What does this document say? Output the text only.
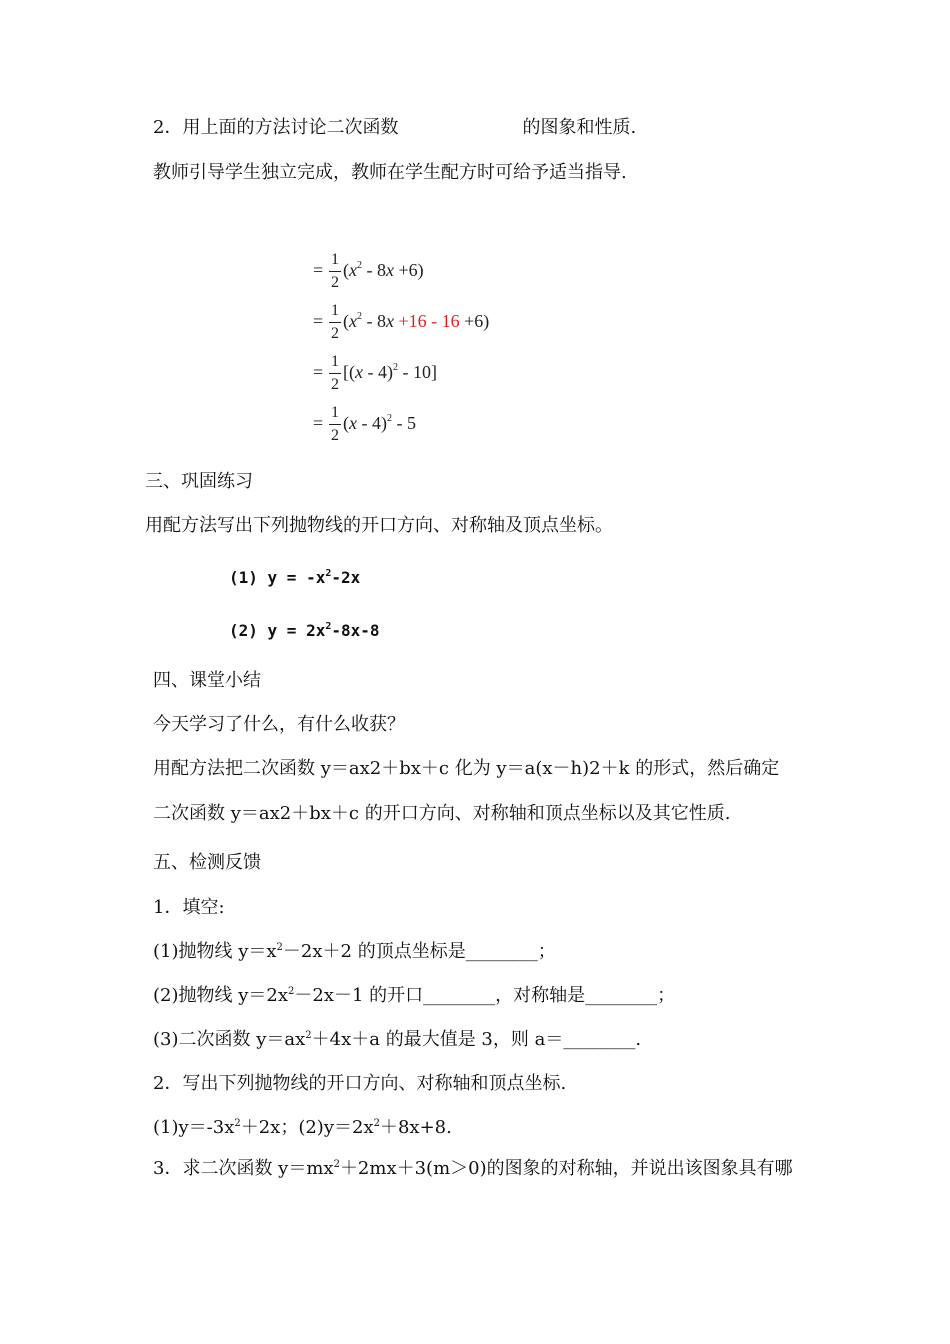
2．用上面的方法讨论二次函数	的图象和性质.
教师引导学生独立完成，教师在学生配方时可给予适当指导.
=
1
2
$(x^2 - 8x +6)$
=
1
2
$(x^2 - 8x +16 - 16 +6)$
=
1
2
[(x - 4)$^2$ - 10]
=
1
2
(x - 4)$^2$ - 5
三、巩固练习
用配方法写出下列抛物线的开口方向、对称轴及顶点坐标。
(1) $y = -x^2-2x$
(2) $y = 2x^2-8x-8$
四、课堂小结
今天学习了什么，有什么收获？
用配方法把二次函数 y＝ax2＋bx＋c 化为 y＝a(x－h)2＋k 的形式，然后确定
二次函数 y＝ax2＋bx＋c 的开口方向、对称轴和顶点坐标以及其它性质.
五、检测反馈
1．填空:
(1)抛物线 $y=x^2-2x+2$ 的顶点坐标是________；
(2)抛物线 $y=2x^2-2x-1$ 的开口________，对称轴是________；
(3)二次函数 $y=ax^2+4x+a$ 的最大值是 3，则 a＝________.
2．写出下列抛物线的开口方向、对称轴和顶点坐标.
$(1)y=-3x^2+2x$；$(2)y=2x^2+8x+8$.
3．求二次函数 $y=mx^2+2mx+3(m>0)$的图象的对称轴，并说出该图象具有哪
